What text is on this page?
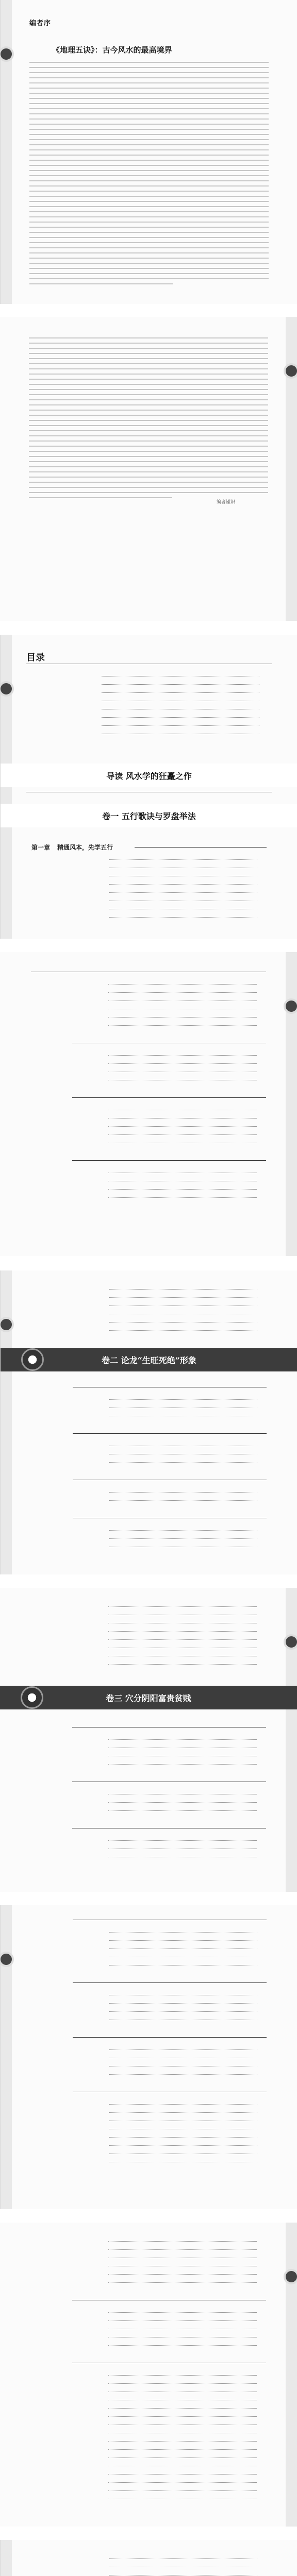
编者序
《地理五诀》：古今风水的最高境界
编者谨识
目录
导读 风水学的狂矗之作
卷一 五行歌诀与罗盘举法
第一章 精通风本，先学五行
卷二 论龙“生旺死绝”形象
卷三 穴分阴阳富贵贫贱
